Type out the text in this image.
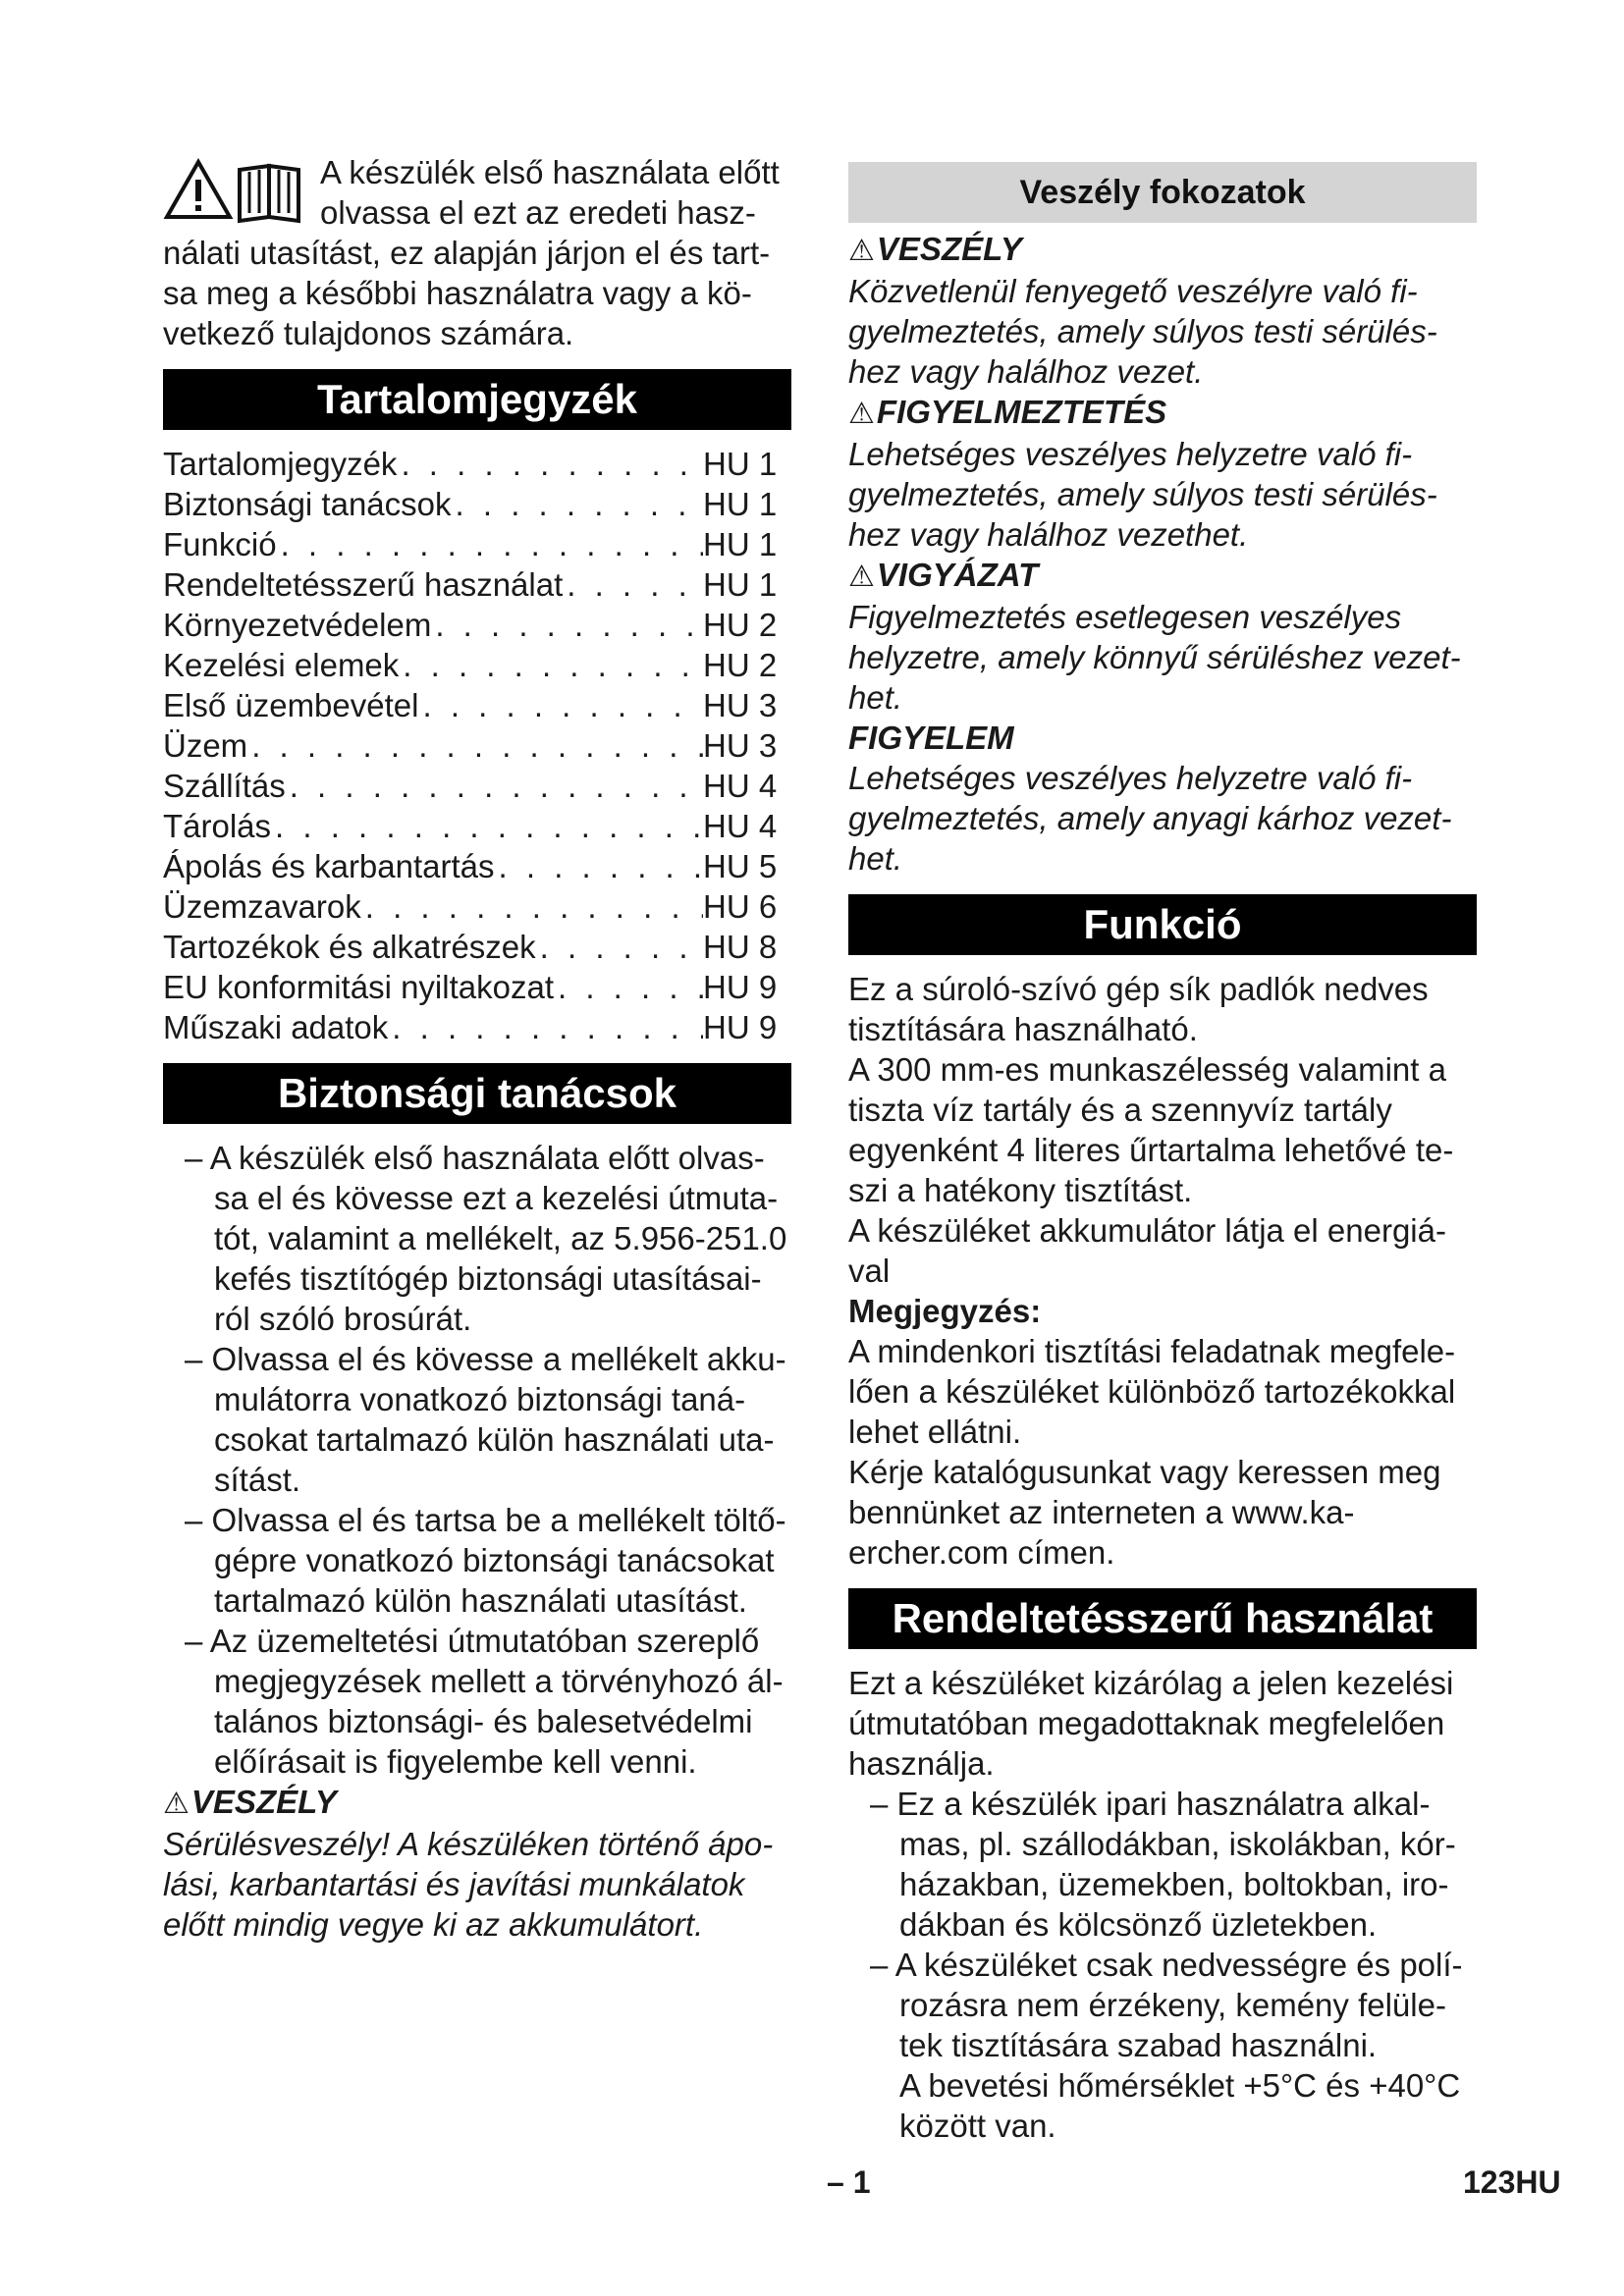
A készülék első használata előtt

olvassa el ezt az eredeti hasz-

nálati utasítást, ez alapján járjon el és tart-sa meg a későbbi használatra vagy a kö-vetkező tulajdonos számára.

Tartalomjegyzék
Tartalomjegyzék . . .	HU 1
Biztonsági tanácsok . . .	HU 1
Funkció . . .	HU 1
Rendeltetésszerű használat . . .	HU 1
Környezetvédelem . . .	HU 2
Kezelési elemek . . .	HU 2
Első üzembevétel . . .	HU 3
Üzem . . .	HU 3
Szállítás . . .	HU 4
Tárolás . . .	HU 4
Ápolás és karbantartás . . .	HU 5
Üzemzavarok . . .	HU 6
Tartozékok és alkatrészek . . .	HU 8
EU konformitási nyiltakozat . . .	HU 9
Műszaki adatok . . .	HU 9
Biztonsági tanácsok

– A készülék első használata előtt olvas-sa el és kövesse ezt a kezelési útmuta-tót, valamint a mellékelt, az 5.956-251.0 kefés tisztítógép biztonsági utasításai-ról szóló brosúrát.

– Olvassa el és kövesse a mellékelt akku-mulátorra vonatkozó biztonsági taná-csokat tartalmazó külön használati uta-sítást.

– Olvassa el és tartsa be a mellékelt töltő-gépre vonatkozó biztonsági tanácsokat tartalmazó külön használati utasítást.

– Az üzemeltetési útmutatóban szereplő megjegyzések mellett a törvényhozó ál-talános biztonsági- és balesetvédelmi előírásait is figyelembe kell venni.

⚠VESZÉLY

Sérülésveszély! A készüléken történő ápo-lási, karbantartási és javítási munkálatok előtt mindig vegye ki az akkumulátort.

Veszély fokozatok

⚠VESZÉLY

Közvetlenül fenyegető veszélyre való fi-gyelmeztetés, amely súlyos testi sérülés-hez vagy halálhoz vezet.

⚠FIGYELMEZTETÉS

Lehetséges veszélyes helyzetre való fi-gyelmeztetés, amely súlyos testi sérülés-hez vagy halálhoz vezethet.

⚠VIGYÁZAT

Figyelmeztetés esetlegesen veszélyes helyzetre, amely könnyű sérüléshez vezet-het.

FIGYELEM

Lehetséges veszélyes helyzetre való fi-gyelmeztetés, amely anyagi kárhoz vezet-het.

Funkció

Ez a súroló-szívó gép sík padlók nedves tisztítására használható.

A 300 mm-es munkaszélesség valamint a tiszta víz tartály és a szennyvíz tartály egyenként 4 literes űrtartalma lehetővé te-szi a hatékony tisztítást.

A készüléket akkumulátor látja el energiá-val

Megjegyzés:

A mindenkori tisztítási feladatnak megfele-lően a készüléket különböző tartozékokkal lehet ellátni.

Kérje katalógusunkat vagy keressen meg bennünket az interneten a www.ka-ercher.com címen.

Rendeltetésszerű használat

Ezt a készüléket kizárólag a jelen kezelési útmutatóban megadottaknak megfelelően használja.

– Ez a készülék ipari használatra alkal-mas, pl. szállodákban, iskolákban, kór-házakban, üzemekben, boltokban, iro-dákban és kölcsönző üzletekben.

– A készüléket csak nedvességre és polí-rozásra nem érzékeny, kemény felüle-tek tisztítására szabad használni.

A bevetési hőmérséklet +5°C és +40°C között van.

– 1	123HU
